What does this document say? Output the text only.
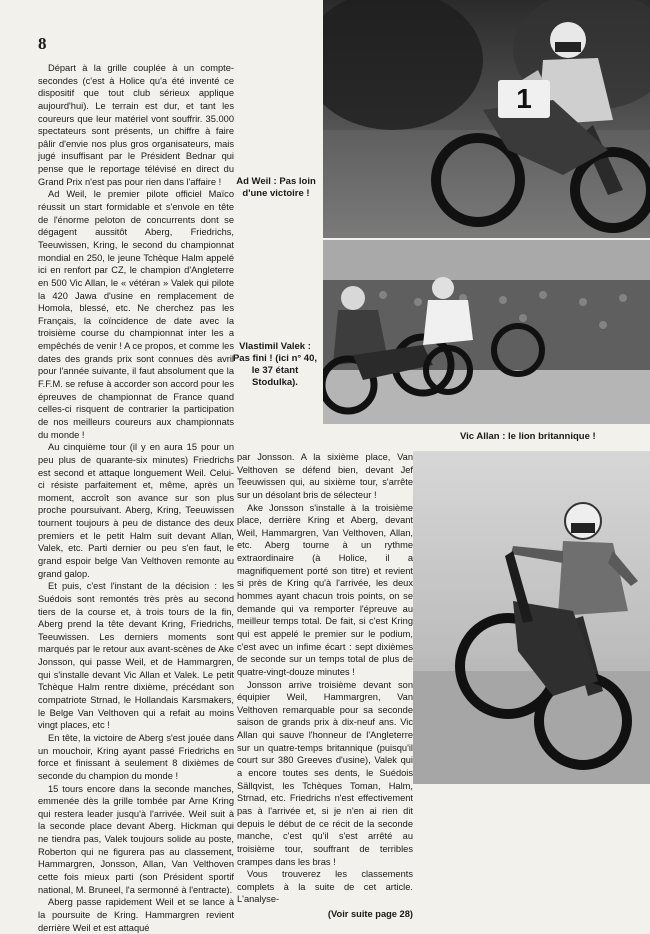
8

Départ à la grille couplée à un compte-secondes (c'est à Holice qu'a été inventé ce dispositif que tout club sérieux applique aujourd'hui). Le terrain est dur, et tant les coureurs que leur matériel vont souffrir. 35.000 spectateurs sont présents, un chiffre à faire pâlir d'envie nos plus gros organisateurs, mais jugé insuffisant par le Président Bednar qui pense que le reportage télévisé en direct du Grand Prix n'est pas pour rien dans l'affaire !

Ad Weil, le premier pilote officiel Maïco réussit un start formidable et s'envole en tête de l'énorme peloton de concurrents dont se dégagent aussitôt Aberg, Friedrichs, Teeuwissen, Kring, le second du championnat mondial en 250, le jeune Tchèque Halm appelé ici en renfort par CZ, le champion d'Angleterre en 500 Vic Allan, le « vétéran » Valek qui pilote la 420 Jawa d'usine en remplacement de Homola, blessé, etc. Ne cherchez pas les Français, la coïncidence de date avec la troisième course du championnat inter les a empêchés de venir ! A ce propos, et comme les dates des grands prix sont connues dès avril pour l'année suivante, il faut absolument que la F.F.M. se refuse à accorder son accord pour les épreuves de championnat de France quand celles-ci risquent de contrarier la participation de nos meilleurs coureurs aux championnats du monde !

Au cinquième tour (il y en aura 15 pour un peu plus de quarante-six minutes) Friedrichs est second et attaque longuement Weil. Celui-ci résiste parfaitement et, même, après un moment, accroît son avance sur son plus proche poursuivant. Aberg, Kring, Teeuwissen tournent toujours à peu de distance des deux premiers et le petit Halm suit devant Allan, Valek, etc. Parti dernier ou peu s'en faut, le grand espoir belge Van Velthoven remonte au grand galop.

Et puis, c'est l'instant de la décision : les Suédois sont remontés très près au second tiers de la course et, à trois tours de la fin, Aberg prend la tête devant Kring, Friedrichs, Teeuwissen. Les derniers moments sont marqués par le retour aux avant-scènes de Ake Jonsson, qui passe Weil, et de Hammargren, qui s'installe devant Vic Allan et Valek. Le petit Tchèque Halm rentre dixième, précédant son compatriote Strnad, le Hollandais Karsmakers, le Belge Van Velthoven qui a refait au moins vingt places, etc !

En tête, la victoire de Aberg s'est jouée dans un mouchoir, Kring ayant passé Friedrichs en force et finissant à seulement 8 dixièmes de seconde du champion du monde !

15 tours encore dans la seconde manches, emmenée dès la grille tombée par Arne Kring qui restera leader jusqu'à l'arrivée. Weil suit à la seconde place devant Aberg. Hickman qui ne tiendra pas, Valek toujours solide au poste, Roberton qui ne figurera pas au classement, Hammargren, Jonsson, Allan, Van Velthoven cette fois mieux parti (son Président sportif national, M. Bruneel, l'a sermonné à l'entracte).

Aberg passe rapidement Weil et se lance à la poursuite de Kring. Hammargren revient derrière Weil et est attaqué

1
Ad Weil : Pas loin d'une victoire !
Vlastimil Valek : Pas fini ! (ici n° 40, le 37 étant Stodulka).
Vic Allan : le lion britannique !

par Jonsson. A la sixième place, Van Velthoven se défend bien, devant Jef Teeuwissen qui, au sixième tour, s'arrête sur un désolant bris de sélecteur !

Ake Jonsson s'installe à la troisième place, derrière Kring et Aberg, devant Weil, Hammargren, Van Velthoven, Allan, etc. Aberg tourne à un rythme extraordinaire (à Holice, il a magnifiquement porté son titre) et revient si près de Kring qu'à l'arrivée, les deux hommes ayant chacun trois points, on se demande qui va remporter l'épreuve au meilleur temps total. De fait, si c'est Kring qui est appelé le premier sur le podium, c'est avec un infime écart : sept dixièmes de seconde sur un temps total de plus de quatre-vingt-douze minutes !

Jonsson arrive troisième devant son équipier Weil, Hammargren, Van Velthoven remarquable pour sa seconde saison de grands prix à dix-neuf ans. Vic Allan qui sauve l'honneur de l'Angleterre sur un quatre-temps britannique (puisqu'il court sur 380 Greeves d'usine), Valek qui a encore toutes ses dents, le Suédois Sällqvist, les Tchèques Toman, Halm, Strnad, etc. Friedrichs n'est effectivement pas à l'arrivée et, si je n'en ai rien dit depuis le début de ce récit de la seconde manche, c'est qu'il s'est arrêté au troisième tour, souffrant de terribles crampes dans les bras !

Vous trouverez les classements complets à la suite de cet article. L'analyse-

(Voir suite page 28)
